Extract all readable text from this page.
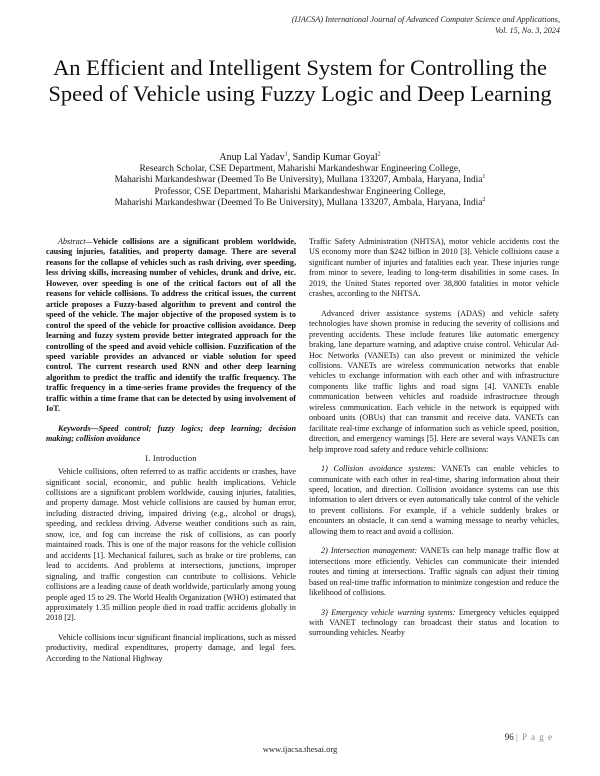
(IJACSA) International Journal of Advanced Computer Science and Applications,
Vol. 15, No. 3, 2024
An Efficient and Intelligent System for Controlling the Speed of Vehicle using Fuzzy Logic and Deep Learning
Anup Lal Yadav$^1$, Sandip Kumar Goyal$^2$
Research Scholar, CSE Department, Maharishi Markandeshwar Engineering College,
Maharishi Markandeshwar (Deemed To Be University), Mullana 133207, Ambala, Haryana, India$^1$
Professor, CSE Department, Maharishi Markandeshwar Engineering College,
Maharishi Markandeshwar (Deemed To Be University), Mullana 133207, Ambala, Haryana, India$^2$

Abstract—Vehicle collisions are a significant problem worldwide, causing injuries, fatalities, and property damage. There are several reasons for the collapse of vehicles such as rash driving, over speeding, less driving skills, increasing number of vehicles, drunk and drive, etc. However, over speeding is one of the critical factors out of all the reasons for vehicle collisions. To address the critical issues, the current article proposes a Fuzzy-based algorithm to prevent and control the speed of the vehicle. The major objective of the proposed system is to control the speed of the vehicle for proactive collision avoidance. Deep learning and fuzzy system provide better integrated approach for the controlling of the speed and avoid vehicle collision. Fuzzification of the speed variable provides an advanced or viable solution for speed control. The current research used RNN and other deep learning algorithm to predict the traffic and identify the traffic frequency. The traffic frequency in a time-series frame provides the frequency of the traffic within a time frame that can be detected by using involvement of IoT.

Keywords—Speed control; fuzzy logics; deep learning; decision making; collision avoidance

I. Introduction

Vehicle collisions, often referred to as traffic accidents or crashes, have significant social, economic, and public health implications. Vehicle collisions are a significant problem worldwide, causing injuries, fatalities, and property damage. Most vehicle collisions are caused by human error, including distracted driving, impaired driving (e.g., alcohol or drugs), speeding, and reckless driving. Adverse weather conditions such as rain, snow, ice, and fog can increase the risk of collisions, as can poorly maintained roads. This is one of the major reasons for the vehicle collision and accidents [1]. Mechanical failures, such as brake or tire problems, can lead to accidents. And problems at intersections, junctions, improper signaling, and traffic congestion can contribute to collisions. Vehicle collisions are a leading cause of death worldwide, particularly among young people aged 15 to 29. The World Health Organization (WHO) estimated that approximately 1.35 million people died in road traffic accidents globally in 2018 [2].

Vehicle collisions incur significant financial implications, such as missed productivity, medical expenditures, property damage, and legal fees. According to the National Highway

Traffic Safety Administration (NHTSA), motor vehicle accidents cost the US economy more than $242 billion in 2010 [3]. Vehicle collisions cause a significant number of injuries and fatalities each year. These injuries range from minor to severe, leading to long-term disabilities in some cases. In 2019, the United States reported over 38,800 fatalities in motor vehicle crashes, according to the NHTSA.

Advanced driver assistance systems (ADAS) and vehicle safety technologies have shown promise in reducing the severity of collisions and preventing accidents. These include features like automatic emergency braking, lane departure warning, and adaptive cruise control. Vehicular Ad-Hoc Networks (VANETs) can also prevent or minimized the vehicle collisions. VANETs are wireless communication networks that enable vehicles to exchange information with each other and with infrastructure components like traffic lights and road signs [4]. VANETs enable communication between vehicles and roadside infrastructure through wireless communication. Each vehicle in the network is equipped with onboard units (OBUs) that can transmit and receive data. VANETs can facilitate real-time exchange of information such as vehicle speed, position, direction, and emergency warnings [5]. Here are several ways VANETs can help improve road safety and reduce vehicle collisions:

1) Collision avoidance systems: VANETs can enable vehicles to communicate with each other in real-time, sharing information about their speed, location, and direction. Collision avoidance systems can use this information to alert drivers or even automatically take control of the vehicle to prevent collisions. For example, if a vehicle suddenly brakes or encounters an obstacle, it can send a warning message to nearby vehicles, allowing them to react and avoid a collision.

2) Intersection management: VANETs can help manage traffic flow at intersections more efficiently. Vehicles can communicate their intended routes and timing at intersections. Traffic signals can adjust their timing based on real-time traffic information to minimize congestion and reduce the likelihood of collisions.

3) Emergency vehicle warning systems: Emergency vehicles equipped with VANET technology can broadcast their status and location to surrounding vehicles. Nearby

96 | P a g e
www.ijacsa.thesai.org
